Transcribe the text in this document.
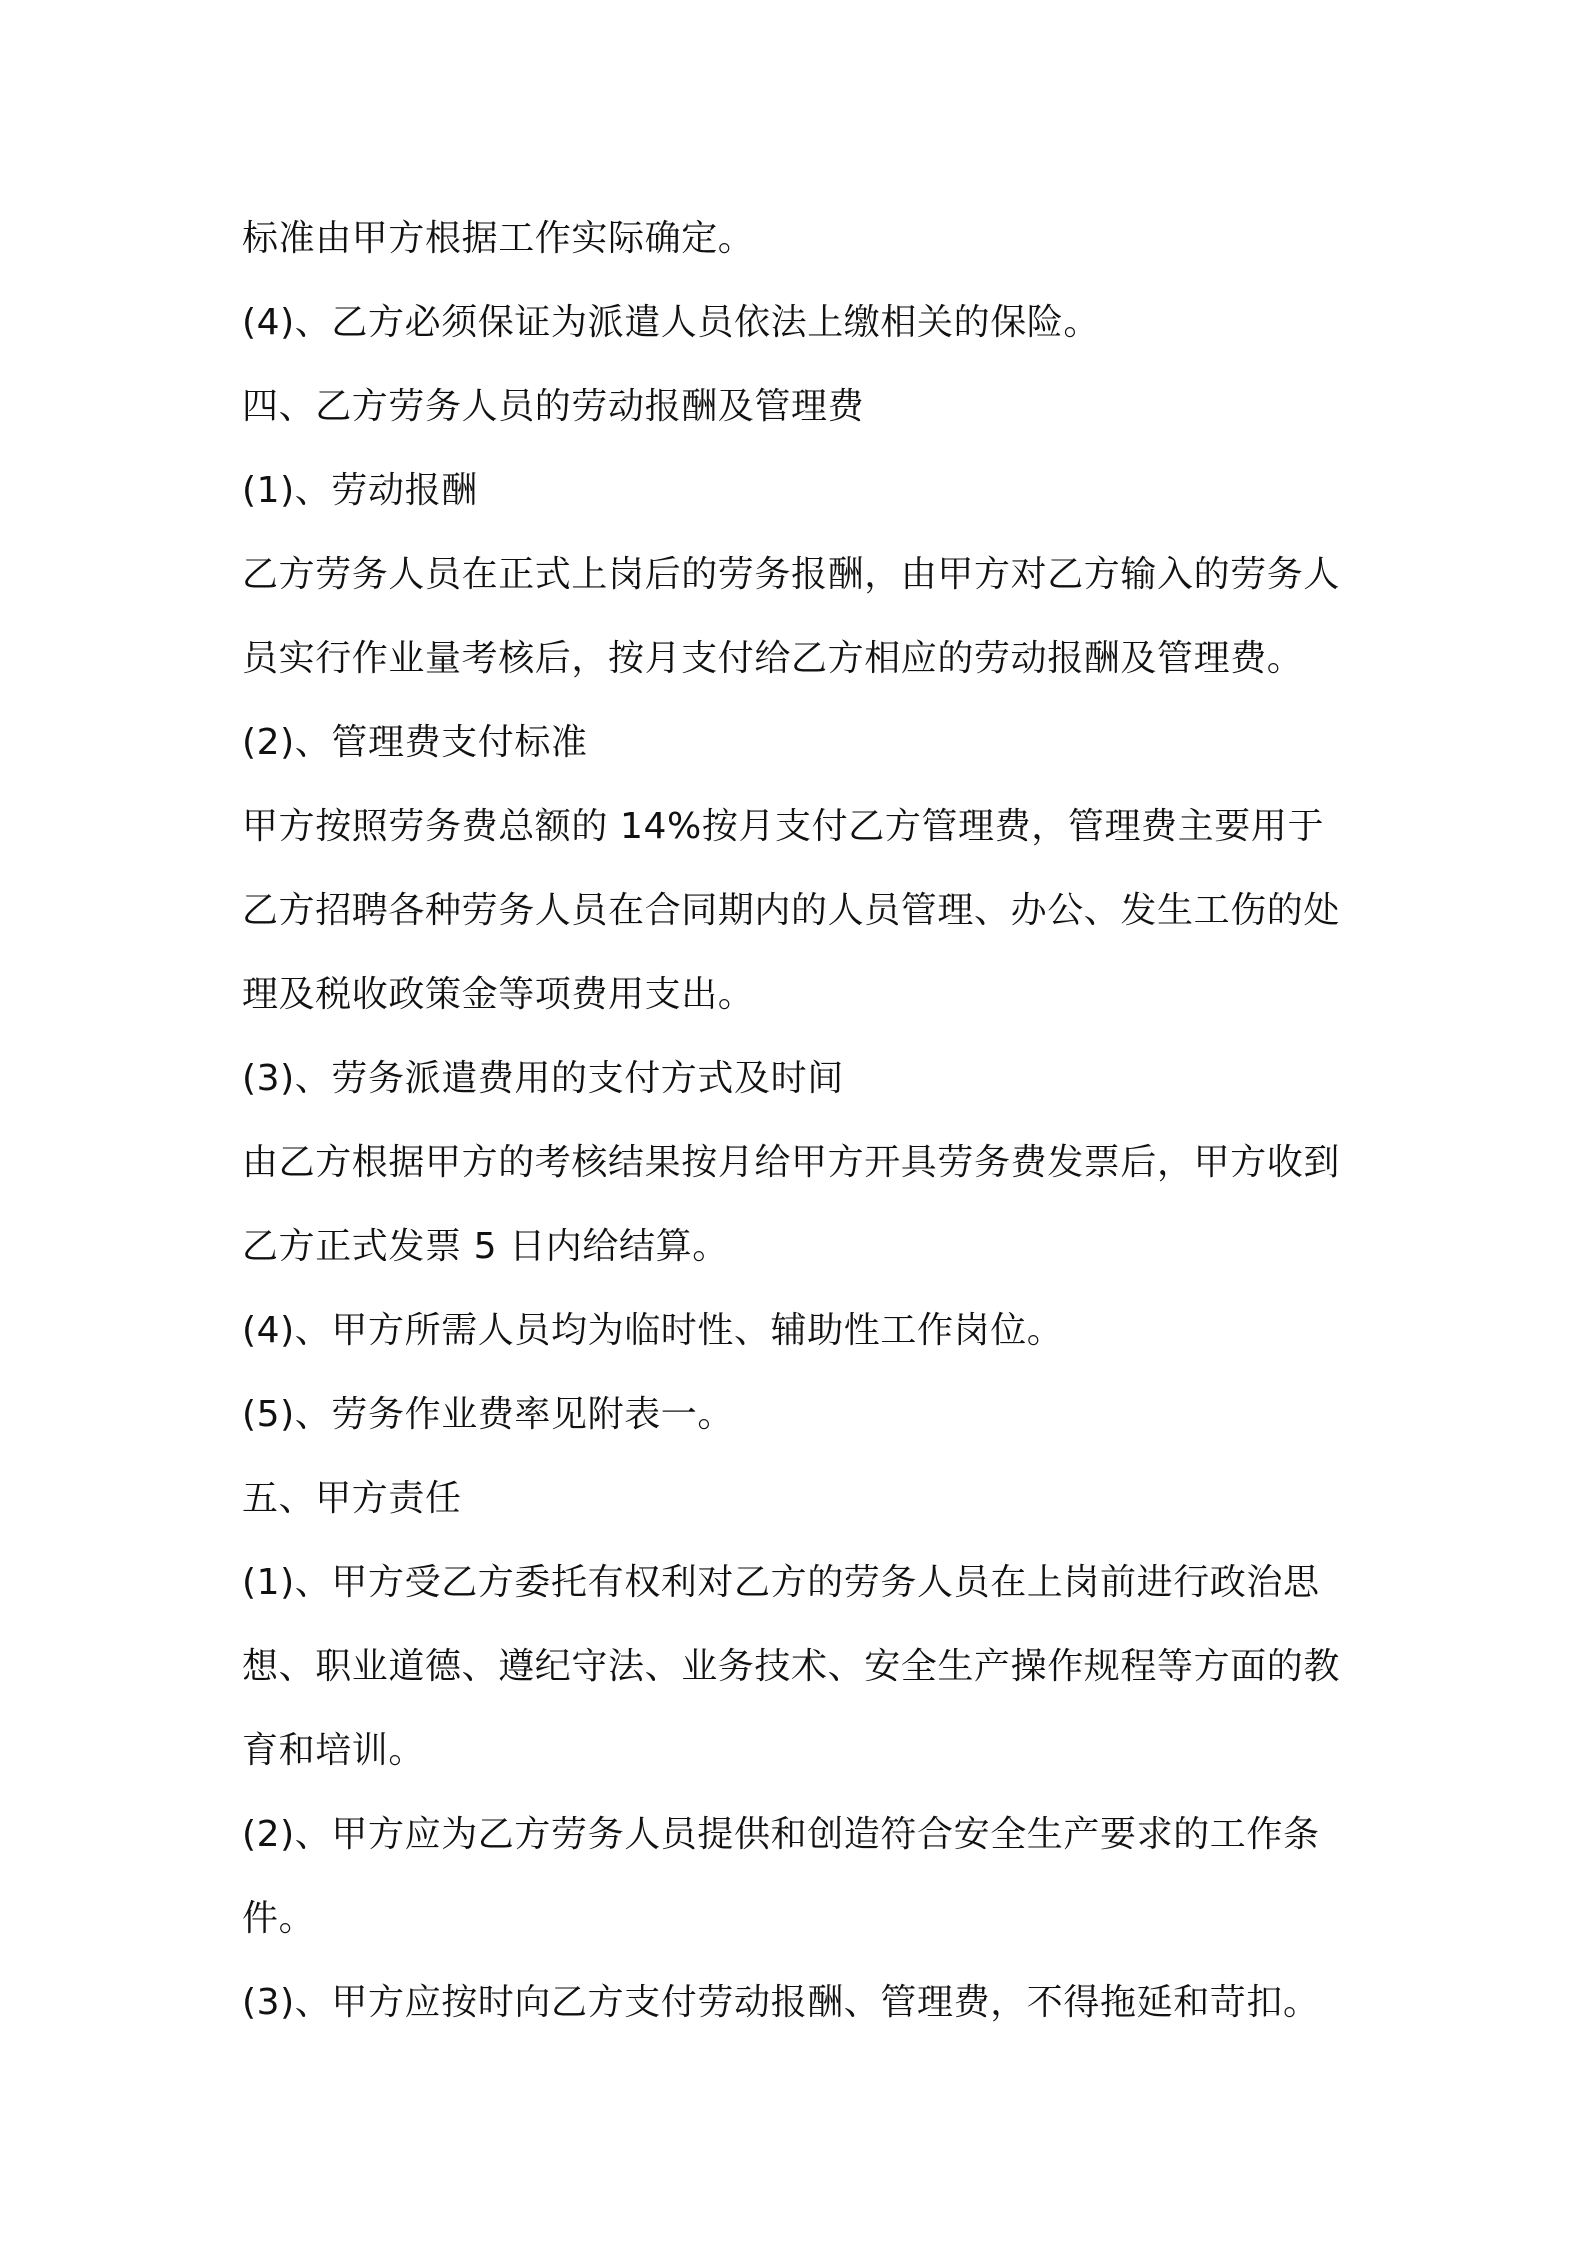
标准由甲方根据工作实际确定。
(4)、乙方必须保证为派遣人员依法上缴相关的保险。
四、乙方劳务人员的劳动报酬及管理费
(1)、劳动报酬
乙方劳务人员在正式上岗后的劳务报酬，由甲方对乙方输入的劳务人
员实行作业量考核后，按月支付给乙方相应的劳动报酬及管理费。
(2)、管理费支付标准
甲方按照劳务费总额的 14%按月支付乙方管理费，管理费主要用于
乙方招聘各种劳务人员在合同期内的人员管理、办公、发生工伤的处
理及税收政策金等项费用支出。
(3)、劳务派遣费用的支付方式及时间
由乙方根据甲方的考核结果按月给甲方开具劳务费发票后，甲方收到
乙方正式发票 5 日内给结算。
(4)、甲方所需人员均为临时性、辅助性工作岗位。
(5)、劳务作业费率见附表一。
五、甲方责任
(1)、甲方受乙方委托有权利对乙方的劳务人员在上岗前进行政治思
想、职业道德、遵纪守法、业务技术、安全生产操作规程等方面的教
育和培训。
(2)、甲方应为乙方劳务人员提供和创造符合安全生产要求的工作条
件。
(3)、甲方应按时向乙方支付劳动报酬、管理费，不得拖延和苛扣。
